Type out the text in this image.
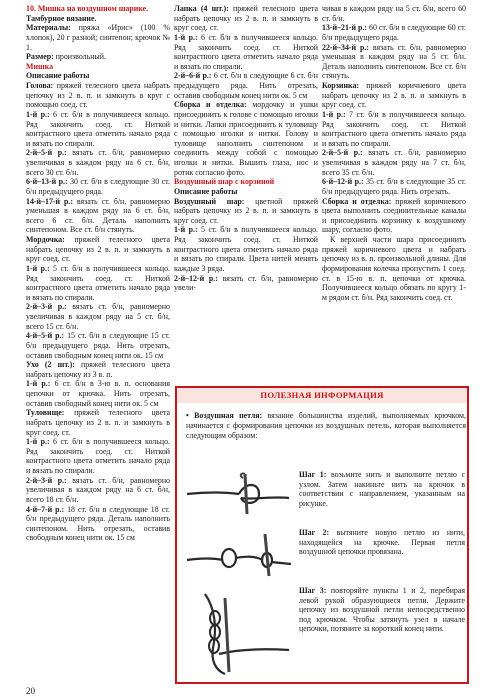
10. Мишка на воздушном шарике.

Тамбурное вязание.

Материалы: пряжа «Ирис» (100 % хлопок), 20 г разной; синтепон; крючок № 1.

Размер: произвольный.

Мишка

Описание работы

Голова: пряжей телесного цвета набрать цепочку из 2 в. п. и замкнуть в круг с помощью соед. ст.

1-й р.: 6 ст. б/н в получившееся кольцо. Ряд закончить соед. ст. Ниткой контрастного цвета отметить начало ряда и вязать по спирали.

2-й–5-й р.: вязать ст. б/н, равномерно увеличивая в каждом ряду на 6 ст. б/н, всего 30 ст. б/н.

6-й–13-й р.: 30 ст. б/н в следующие 30 ст. б/н предыдущего ряда.

14-й–17-й р.: вязать ст. б/н, равномерно уменьшая в каждом ряду на 6 ст. б/н, всего 6 ст. б/н. Деталь наполнить синтепоном. Все ст. б/н стянуть.

Мордочка: пряжей телесного цвета набрать цепочку из 2 в. п. и замкнуть в круг соед. ст.

1-й р.: 5 ст. б/н в получившееся кольцо. Ряд закончить соед. ст. Ниткой контрастного цвета отметить начало ряда и вязать по спирали.

2-й–3-й р.: вязать ст. б/н, равномерно увеличивая в каждом ряду на 5 ст. б/н, всего 15 ст. б/н.

4-й–5-й р.: 15 ст. б/н в следующие 15 ст. б/н предыдущего ряда. Нить отрезать, оставив свободным конец нити ок. 15 см

Ухо (2 шт.): пряжей телесного цвета набрать цепочку из 3 в. п.

1-й р.: 6 ст. б/н в 3-ю в. п. основания цепочки от крючка. Нить отрезать, оставив свободный конец нити ок. 5 см

Туловище: пряжей телесного цвета набрать цепочку из 2 в. п. и замкнуть в круг соед. ст.

1-й р.: 6 ст. б/н в получившееся кольцо. Ряд закончить соед. ст. Ниткой контрастного цвета отметить начало ряда и вязать по спирали.

2-й–3-й р.: вязать ст. б/н, равномерно увеличивая в каждом ряду на 6 ст. б/н, всего 18 ст. б/н.

4-й–7-й р.: 18 ст. б/н в следующие 18 ст. б/н предыдущего ряда. Деталь наполнить синтепоном. Нить отрезать, оставив свободным конец нити ок. 15 см

Лапка (4 шт.): пряжей телесного цвета набрать цепочку из 2 в. п. и замкнуть в круг соед. ст.

1-й р.: 6 ст. б/н в получившееся кольцо. Ряд закончить соед. ст. Ниткой контрастного цвета отметить начало ряда и вязать по спирали.

2-й–6-й р.: 6 ст. б/н в следующие 6 ст. б/н предыдущего ряда. Нить отрезать, оставив свободным конец нити ок. 5 см

Сборка и отделка: мордочку и ушки присоединить к голове с помощью иголки и нитки. Лапки присоединить к туловищу с помощью иголки и нитки. Голову и туловище наполнить синтепоном и соединить между собой с помощью иголки и нитки. Вышить глаза, нос и ротик согласно фото.

Воздушный шар с корзиной

Описание работы

Воздушный шар: цветной пряжей набрать цепочку из 2 в. п. и замкнуть в круг соед. ст.

1-й р.: 5 ст. б/н в получившееся кольцо. Ряд закончить соед. ст. Ниткой контрастного цвета отметить начало ряда и вязать по спирали. Цвета нитей менять каждые 3 ряда.

2-й–12-й р.: вязать ст. б/н, равномерно увели-

чивая в каждом ряду на 5 ст. б/н, всего 60 ст. б/н.

13-й–21-й р.: 60 ст. б/н в следующие 60 ст. б/н предыдущего ряда.

22-й–34-й р.: вязать ст. б/н, равномерно уменьшая в каждом ряду на 5 ст. б/н. Деталь наполнить синтепоном. Все ст. б/н стянуть.

Корзинка: пряжей коричневого цвета набрать цепочку из 2 в. п. и замкнуть в круг соед. ст.

1-й р.: 7 ст. б/н в получившееся кольцо. Ряд закончить соед. ст. Ниткой контрастного цвета отметить начало ряда и вязать по спирали.

2-й–5-й р.: вязать ст. б/н, равномерно увеличивая в каждом ряду на 7 ст. б/н, всего 35 ст. б/н.

6-й–12-й р.: 35 ст. б/н в следующие 35 ст. б/н предыдущего ряда. Нить отрезать.

Сборка и отделка: пряжей коричневого цвета выполнить соединительные каналы и присоединить корзинку к воздушному шару, согласно фото.

К верхней части шара присоединить пряжей коричневого цвета и набрать цепочку из в. п. произвольной длины. Для формирования колечка пропустить 1 соед. ст. в 15-ю в. п. цепочки от крючка. Получившееся кольцо обязать по кругу 1-м рядом ст. б/н. Ряд закончить соед. ст.

ПОЛЕЗНАЯ ИНФОРМАЦИЯ
• Воздушная петля: вязание большинства изделий, выполняемых крючком, начинается с формирования цепочки из воздушных петель, которая выполняется следующим образом:
Шаг 1: возьмите нить и выполните петлю с узлом. Затем накиньте нить на крючок в соответствии с направлением, указанным на рисунке.
Шаг 2: вытяните новую петлю из нити, находящейся на крючке. Первая петля воздушной цепочки провязана.
Шаг 3: повторяйте пункты 1 и 2, перебирая левой рукой образующиеся петли. Держите цепочку из воздушной петли непосредственно под крючком. Чтобы затянуть узел в начале цепочки, потяните за короткий конец нити.
20
